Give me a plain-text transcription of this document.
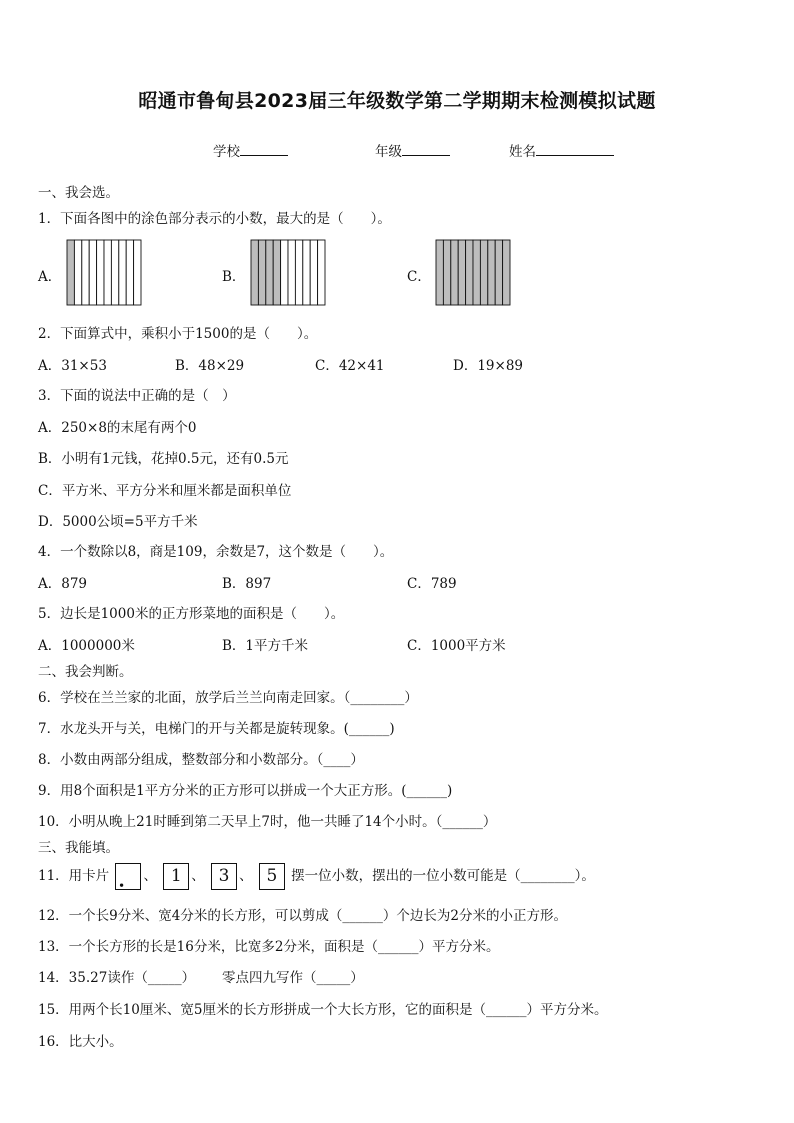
昭通市鲁甸县2023届三年级数学第二学期期末检测模拟试题
学校	年级	姓名
一、我会选。
1．下面各图中的涂色部分表示的小数，最大的是（　　）。
A．	B．	C．
2．下面算式中，乘积小于1500的是（　　）。
A．31×53	B．48×29	C．42×41	D．19×89
3．下面的说法中正确的是（　）
A．250×8的末尾有两个0
B．小明有1元钱，花掉0.5元，还有0.5元
C．平方米、平方分米和厘米都是面积单位
D．5000公顷=5平方千米
4．一个数除以8，商是109，余数是7，这个数是（　　）。
A．879	B．897	C．789
5．边长是1000米的正方形菜地的面积是（　　）。
A．1000000米	B．1平方千米	C．1000平方米
二、我会判断。
6．学校在兰兰家的北面，放学后兰兰向南走回家。（________）
7．水龙头开与关，电梯门的开与关都是旋转现象。(______)
8．小数由两部分组成，整数部分和小数部分。（____）
9．用8个面积是1平方分米的正方形可以拼成一个大正方形。(______)
10．小明从晚上21时睡到第二天早上7时，他一共睡了14个小时。（______）
三、我能填。
11．用卡片 ． 、 1 、 3 、 5 摆一位小数，摆出的一位小数可能是（________）。
12．一个长9分米、宽4分米的长方形，可以剪成（______）个边长为2分米的小正方形。
13．一个长方形的长是16分米，比宽多2分米，面积是（______）平方分米。
14．35.27读作（_____） 零点四九写作（_____）
15．用两个长10厘米、宽5厘米的长方形拼成一个大长方形，它的面积是（______）平方分米。
16．比大小。
